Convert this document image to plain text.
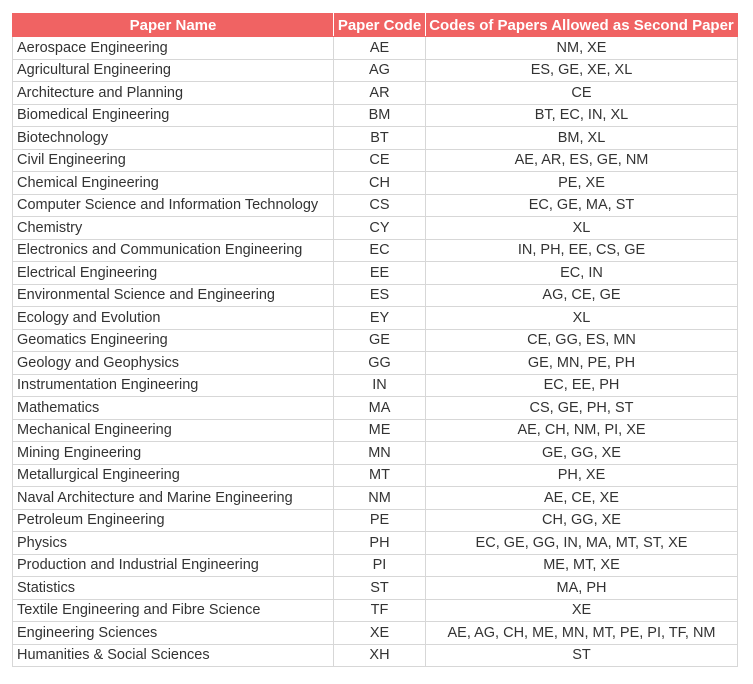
Paper Name	Paper Code	Codes of Papers Allowed as Second Paper
Aerospace Engineering	AE	NM, XE
Agricultural Engineering	AG	ES, GE, XE, XL
Architecture and Planning	AR	CE
Biomedical Engineering	BM	BT, EC, IN, XL
Biotechnology	BT	BM, XL
Civil Engineering	CE	AE, AR, ES, GE, NM
Chemical Engineering	CH	PE, XE
Computer Science and Information Technology	CS	EC, GE, MA, ST
Chemistry	CY	XL
Electronics and Communication Engineering	EC	IN, PH, EE, CS, GE
Electrical Engineering	EE	EC, IN
Environmental Science and Engineering	ES	AG, CE, GE
Ecology and Evolution	EY	XL
Geomatics Engineering	GE	CE, GG, ES, MN
Geology and Geophysics	GG	GE, MN, PE, PH
Instrumentation Engineering	IN	EC, EE, PH
Mathematics	MA	CS, GE, PH, ST
Mechanical Engineering	ME	AE, CH, NM, PI, XE
Mining Engineering	MN	GE, GG, XE
Metallurgical Engineering	MT	PH, XE
Naval Architecture and Marine Engineering	NM	AE, CE, XE
Petroleum Engineering	PE	CH, GG, XE
Physics	PH	EC, GE, GG, IN, MA, MT, ST, XE
Production and Industrial Engineering	PI	ME, MT, XE
Statistics	ST	MA, PH
Textile Engineering and Fibre Science	TF	XE
Engineering Sciences	XE	AE, AG, CH, ME, MN, MT, PE, PI, TF, NM
Humanities & Social Sciences	XH	ST
